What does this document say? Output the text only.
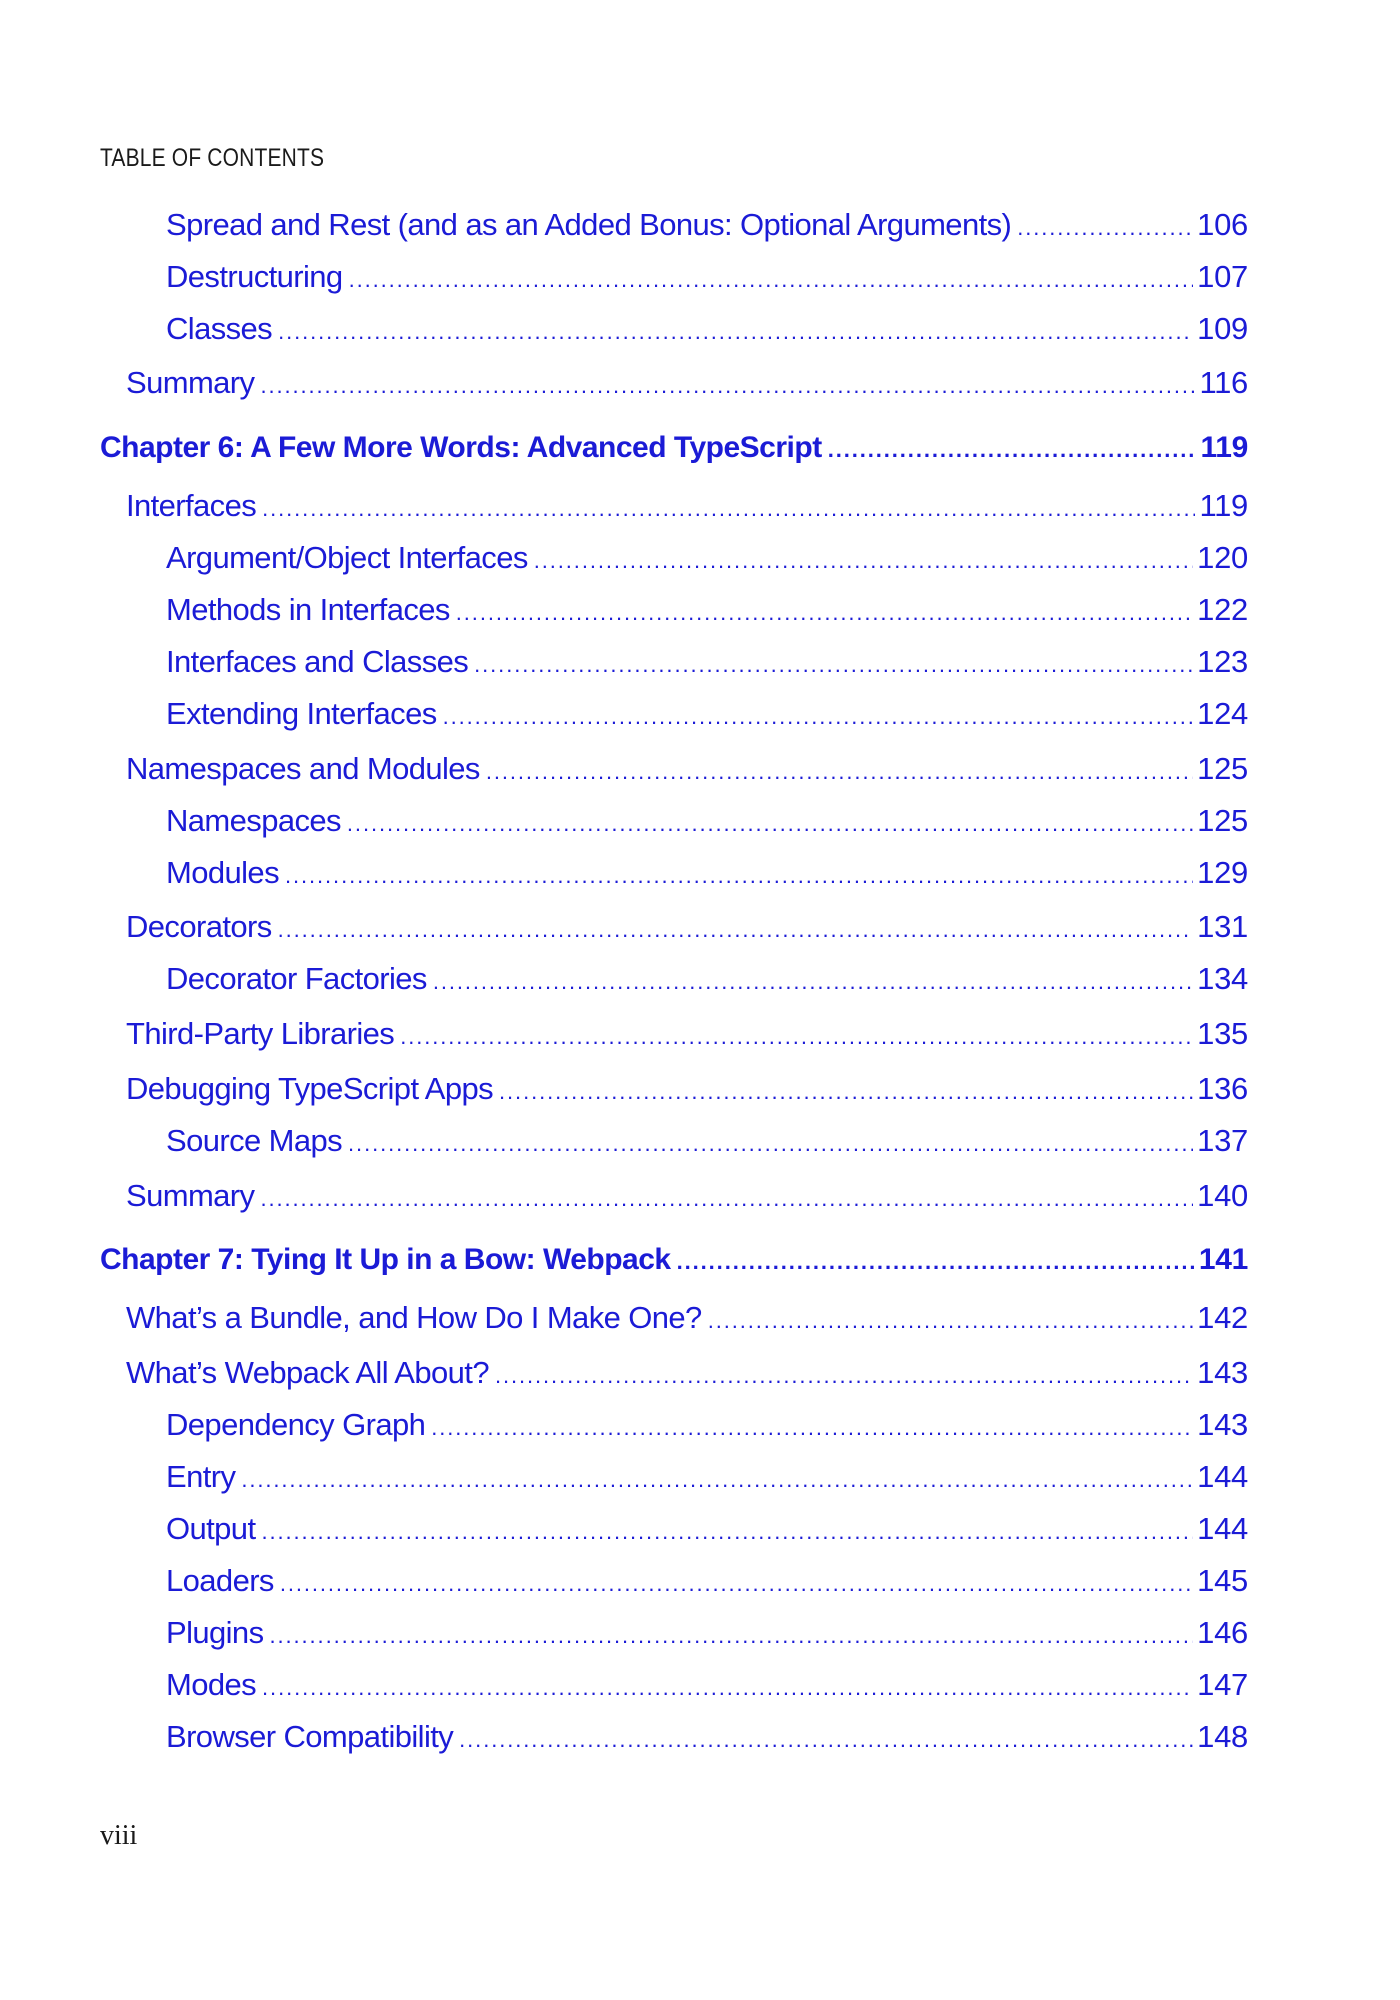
TABLE OF CONTENTS
Spread and Rest (and as an Added Bonus: Optional Arguments) .....	106
Destructuring .....	107
Classes .....	109
Summary .....	116
Chapter 6: A Few More Words: Advanced TypeScript .....	119
Interfaces .....	119
Argument/Object Interfaces .....	120
Methods in Interfaces .....	122
Interfaces and Classes .....	123
Extending Interfaces .....	124
Namespaces and Modules .....	125
Namespaces .....	125
Modules .....	129
Decorators .....	131
Decorator Factories .....	134
Third-Party Libraries .....	135
Debugging TypeScript Apps .....	136
Source Maps .....	137
Summary .....	140
Chapter 7: Tying It Up in a Bow: Webpack .....	141
What’s a Bundle, and How Do I Make One? .....	142
What’s Webpack All About? .....	143
Dependency Graph .....	143
Entry .....	144
Output .....	144
Loaders .....	145
Plugins .....	146
Modes .....	147
Browser Compatibility .....	148
viii
